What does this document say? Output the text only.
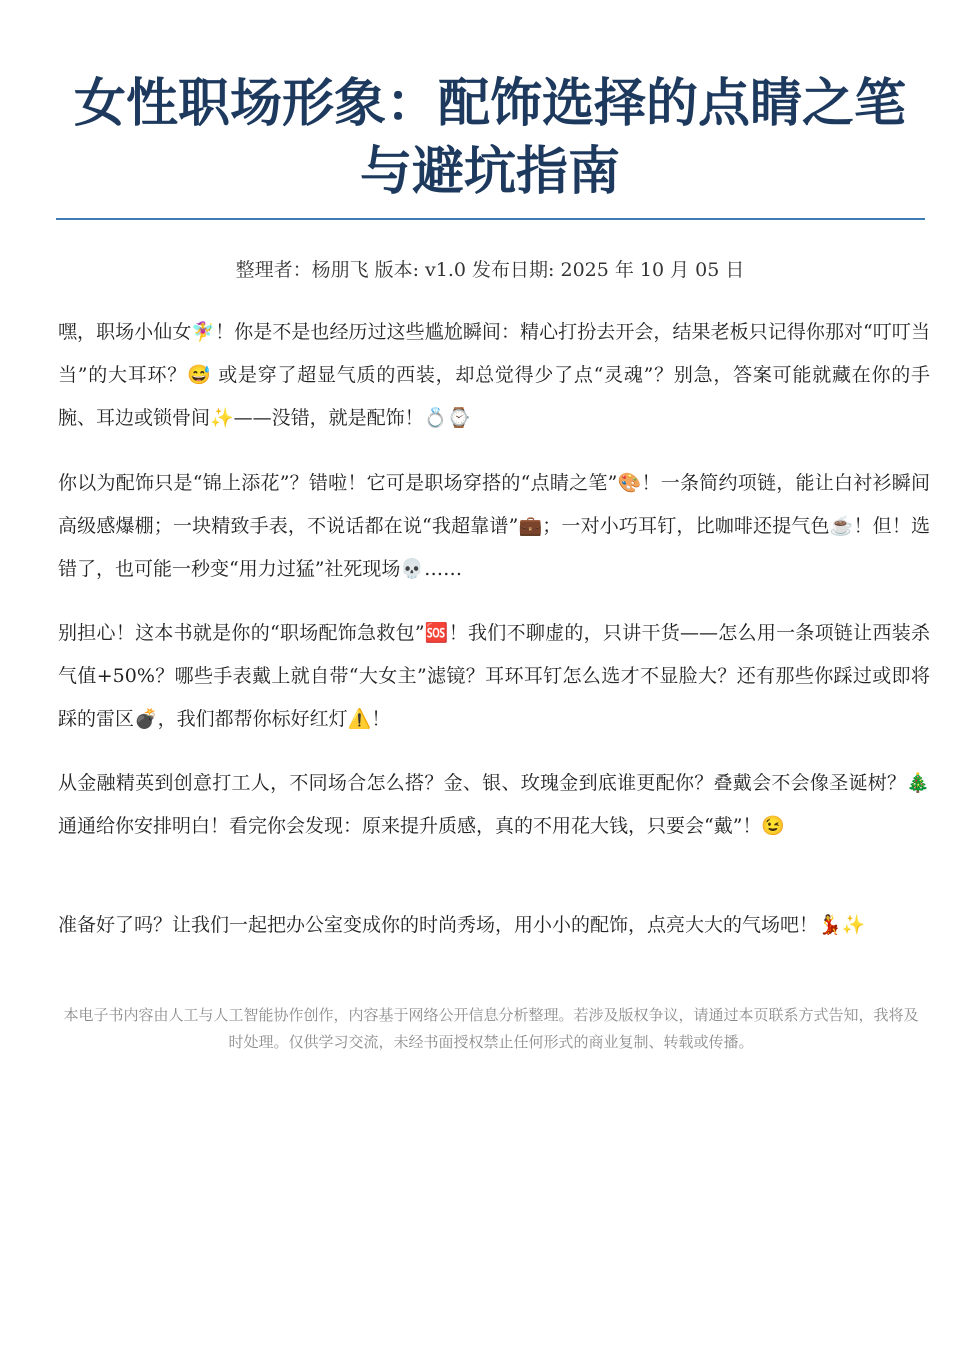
女性职场形象：配饰选择的点睛之笔与避坑指南
整理者：杨朋飞 版本: v1.0 发布日期: 2025 年 10 月 05 日

嘿，职场小仙女🧚‍♀️！你是不是也经历过这些尴尬瞬间：精心打扮去开会，结果老板只记得你那对“叮叮当当”的大耳环？😅 或是穿了超显气质的西装，却总觉得少了点“灵魂”？别急，答案可能就藏在你的手腕、耳边或锁骨间✨——没错，就是配饰！💍⌚

你以为配饰只是“锦上添花”？错啦！它可是职场穿搭的“点睛之笔”🎨！一条简约项链，能让白衬衫瞬间高级感爆棚；一块精致手表，不说话都在说“我超靠谱”💼；一对小巧耳钉，比咖啡还提气色☕！但！选错了，也可能一秒变“用力过猛”社死现场💀……

别担心！这本书就是你的“职场配饰急救包”🆘！我们不聊虚的，只讲干货——怎么用一条项链让西装杀气值+50%？哪些手表戴上就自带“大女主”滤镜？耳环耳钉怎么选才不显脸大？还有那些你踩过或即将踩的雷区💣，我们都帮你标好红灯⚠️！

从金融精英到创意打工人，不同场合怎么搭？金、银、玫瑰金到底谁更配你？叠戴会不会像圣诞树？🎄通通给你安排明白！看完你会发现：原来提升质感，真的不用花大钱，只要会“戴”！😉

准备好了吗？让我们一起把办公室变成你的时尚秀场，用小小的配饰，点亮大大的气场吧！💃✨

本电子书内容由人工与人工智能协作创作，内容基于网络公开信息分析整理。若涉及版权争议，请通过本页联系方式告知，我将及时处理。仅供学习交流，未经书面授权禁止任何形式的商业复制、转载或传播。
